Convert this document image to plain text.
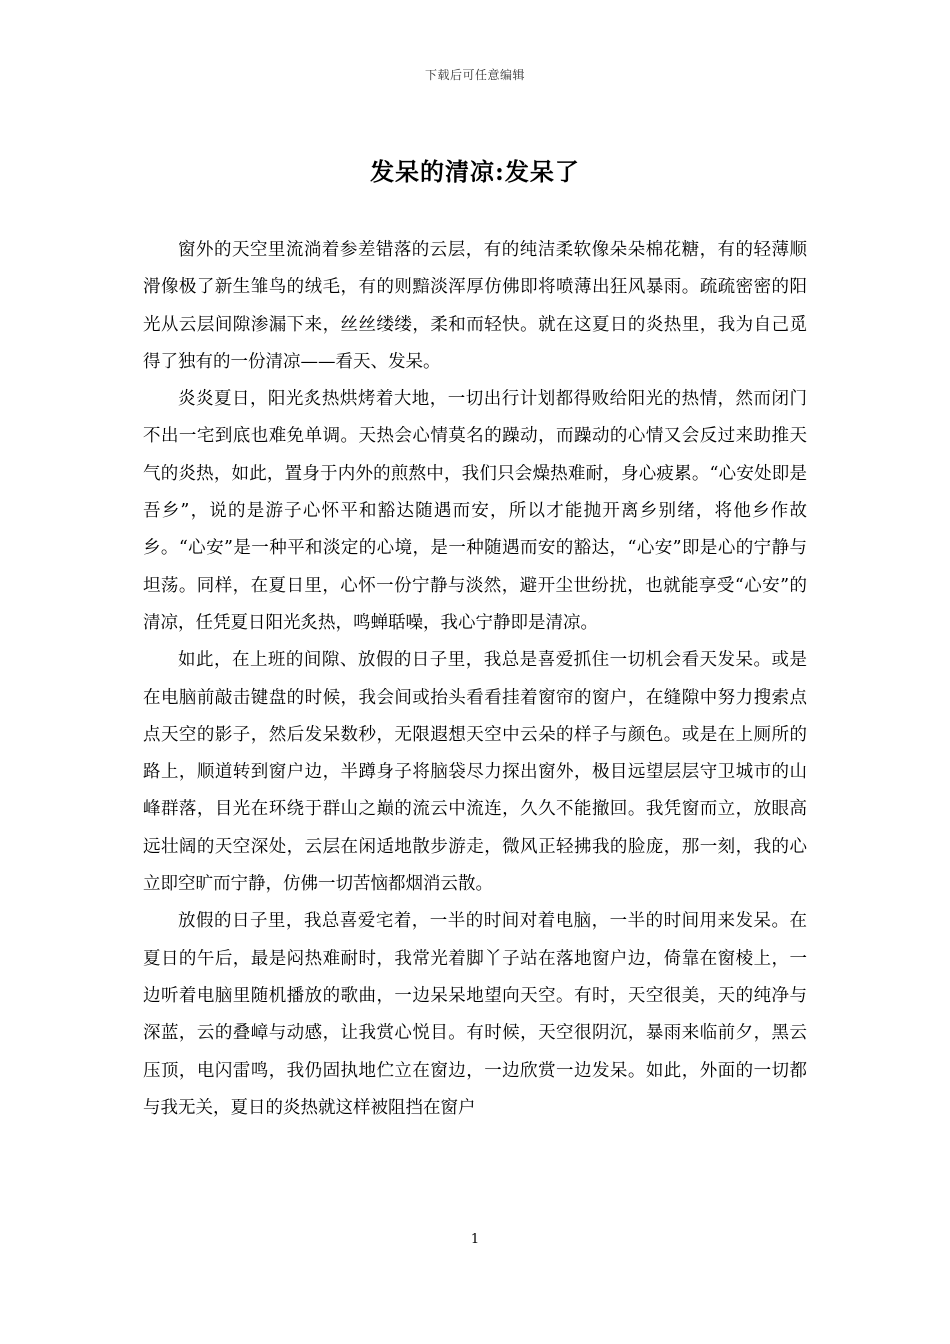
下载后可任意编辑
发呆的清凉:发呆了

窗外的天空里流淌着参差错落的云层，有的纯洁柔软像朵朵棉花糖，有的轻薄顺滑像极了新生雏鸟的绒毛，有的则黯淡浑厚仿佛即将喷薄出狂风暴雨。疏疏密密的阳光从云层间隙渗漏下来，丝丝缕缕，柔和而轻快。就在这夏日的炎热里，我为自己觅得了独有的一份清凉——看天、发呆。

炎炎夏日，阳光炙热烘烤着大地，一切出行计划都得败给阳光的热情，然而闭门不出一宅到底也难免单调。天热会心情莫名的躁动，而躁动的心情又会反过来助推天气的炎热，如此，置身于内外的煎熬中，我们只会燥热难耐，身心疲累。“心安处即是吾乡”，说的是游子心怀平和豁达随遇而安，所以才能抛开离乡别绪，将他乡作故乡。“心安”是一种平和淡定的心境，是一种随遇而安的豁达，“心安”即是心的宁静与坦荡。同样，在夏日里，心怀一份宁静与淡然，避开尘世纷扰，也就能享受“心安”的清凉，任凭夏日阳光炙热，鸣蝉聒噪，我心宁静即是清凉。

如此，在上班的间隙、放假的日子里，我总是喜爱抓住一切机会看天发呆。或是在电脑前敲击键盘的时候，我会间或抬头看看挂着窗帘的窗户，在缝隙中努力搜索点点天空的影子，然后发呆数秒，无限遐想天空中云朵的样子与颜色。或是在上厕所的路上，顺道转到窗户边，半蹲身子将脑袋尽力探出窗外，极目远望层层守卫城市的山峰群落，目光在环绕于群山之巅的流云中流连，久久不能撤回。我凭窗而立，放眼高远壮阔的天空深处，云层在闲适地散步游走，微风正轻拂我的脸庞，那一刻，我的心立即空旷而宁静，仿佛一切苦恼都烟消云散。

放假的日子里，我总喜爱宅着，一半的时间对着电脑，一半的时间用来发呆。在夏日的午后，最是闷热难耐时，我常光着脚丫子站在落地窗户边，倚靠在窗棱上，一边听着电脑里随机播放的歌曲，一边呆呆地望向天空。有时，天空很美，天的纯净与深蓝，云的叠嶂与动感，让我赏心悦目。有时候，天空很阴沉，暴雨来临前夕，黑云压顶，电闪雷鸣，我仍固执地伫立在窗边，一边欣赏一边发呆。如此，外面的一切都与我无关，夏日的炎热就这样被阻挡在窗户

1
